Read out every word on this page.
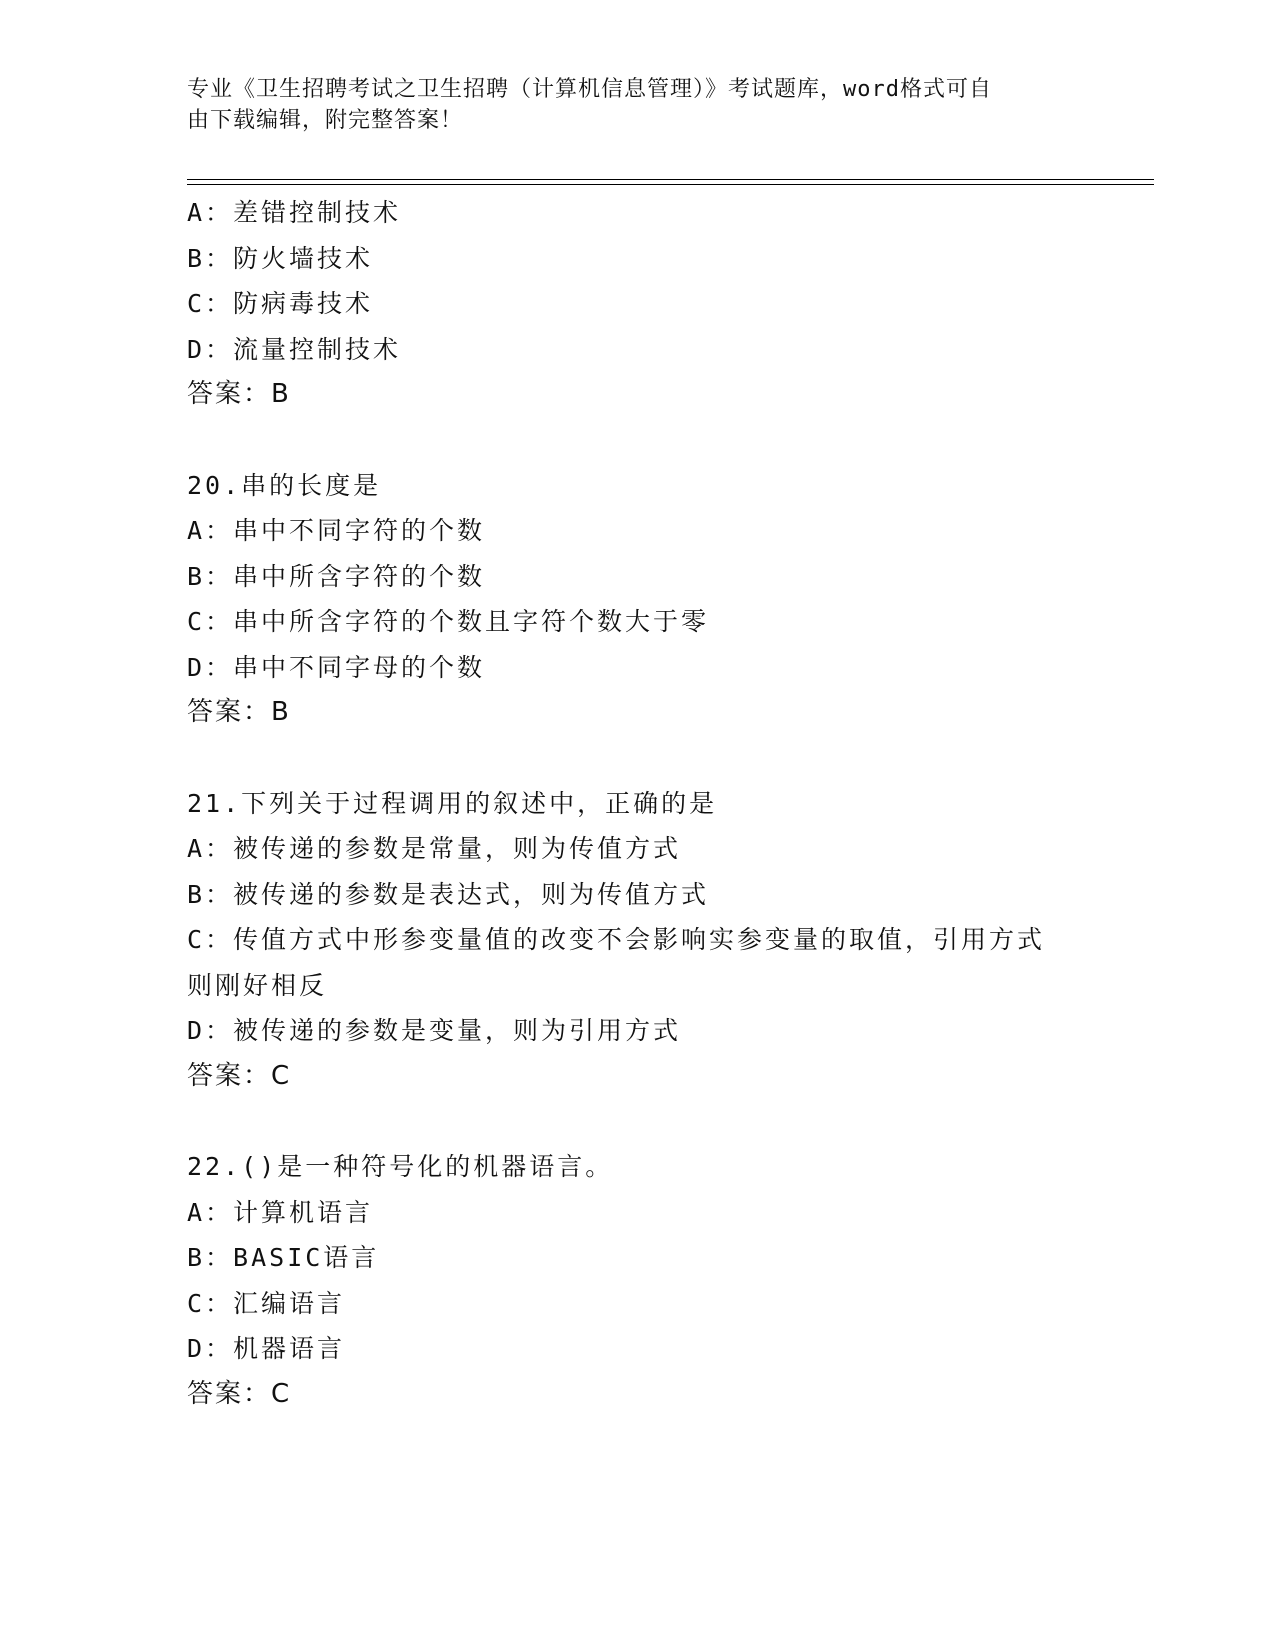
专业《卫生招聘考试之卫生招聘（计算机信息管理）》考试题库，word格式可自
由下载编辑，附完整答案！
A：差错控制技术
B：防火墙技术
C：防病毒技术
D：流量控制技术
答案：B
20.串的长度是
A：串中不同字符的个数
B：串中所含字符的个数
C：串中所含字符的个数且字符个数大于零
D：串中不同字母的个数
答案：B
21.下列关于过程调用的叙述中，正确的是
A：被传递的参数是常量，则为传值方式
B：被传递的参数是表达式，则为传值方式
C：传值方式中形参变量值的改变不会影响实参变量的取值，引用方式
则刚好相反
D：被传递的参数是变量，则为引用方式
答案：C
22.()是一种符号化的机器语言。
A：计算机语言
B：BASIC语言
C：汇编语言
D：机器语言
答案：C
